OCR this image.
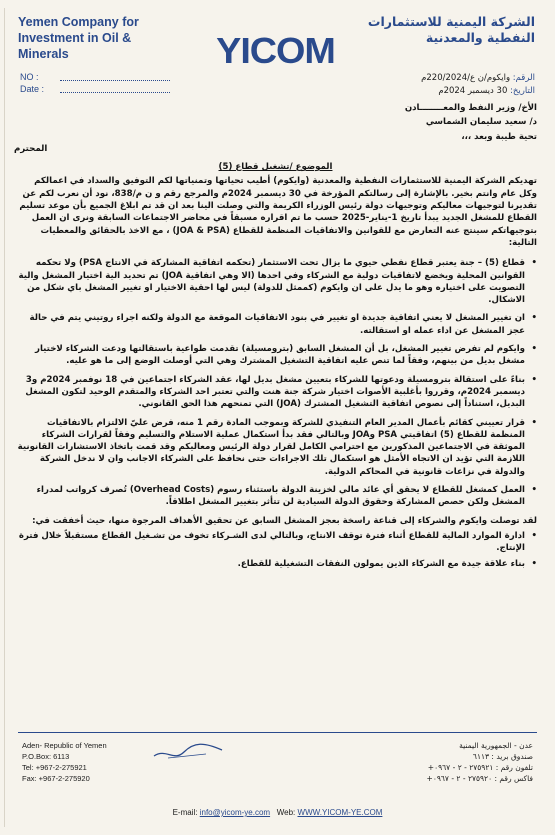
Yemen Company for Investment in Oil & Minerals	YICOM
الشركة اليمنية للاستثمارات النفطية والمعدنية
NO :
Date :
الرقم: وايكوم/ن ع/220/2024م
التاريخ: 30 ديسمبر 2024م

الأخ/ وزير النفط والمعــــــــادن

د/ سعيد سليمان الشماسي

تحية طيبة وبعد ،،،

المحترم

الموضوع /تشغيل قطاع (5)

تهديكم الشركة اليمنية للاستثمارات النفطية والمعدنية (وايكوم) أطيب تحياتها وتمنياتها لكم التوفيق والسداد في اعمالكم وكل عام وانتم بخير. بالإشارة إلى رسالتكم المؤرخة في 30 ديسمبر 2024م والمرجع رقم و ن م/838، نود أن نعرب لكم عن تقديرنا لتوجيهات معاليكم وتوجيهات دولة رئيس الوزراء الكريمة والتي وصلت الينا بعد ان قد تم ابلاغ الجميع بأن موعد تسليم القطاع للمشغل الجديد يبدأ تاريخ 1-يناير-2025 حسب ما تم اقراره مسبقاً في محاضر الاجتماعات السابقة ونرى ان العمل بتوجيهاتكم سينتج عنه التعارض مع للقوانين والاتفاقيات المنظمة للقطاع (JOA & PSA) ، مع الاخذ بالحقائق والمعطيات التالية:

• قطاع (5) – جنة يعتبر قطاع نفطي حيوي ما يزال تحت الاستثمار (تحكمه اتفاقية المشاركة في الانتاج PSA) ولا تحكمه القوانين المحلية ويخضع لاتفاقيات دولية مع الشركاء وفي احدها (الا وهي اتفاقية JOA) تم تحديد الية اختيار المشغل والية التصويت على اختياره وهو ما يدل على ان وايكوم (كممثل للدولة) ليس لها احقية الاختيار او تغيير المشغل باي شكل من الاشكال.
• ان تغيير المشغل لا يعني اتفاقية جديدة او تغيير في بنود الاتفاقيات الموقعة مع الدولة ولكنه اجراء روتيني يتم في حالة عجز المشغل عن اداء عمله او استقالته.
• وايكوم لم تفرض تغيير المشغل، بل أن المشغل السابق (بترومسيلة) تقدمت طواعية باستقالتها ودعت الشركاء لاختيار مشغل بديل من بينهم، وفقاً لما تنص عليه اتفاقية التشغيل المشترك وهي التي أوصلت الوضع إلى ما هو عليه.
• بناءً على استقالة بترومسيلة ودعوتها للشركاء بتعيين مشغل بديل لها، عقد الشركاء اجتماعين في 18 نوفمبر 2024م و3 ديسمبر 2024م، وقرروا بأغلبية الأصوات اختيار شركة جنة هنت والتي تعتبر احد الشركاء والمتقدم الوحيد لتكون المشغل البديل، استناداً إلى نصوص اتفاقية التشغيل المشترك (JOA) التي تمنحهم هذا الحق القانوني.
• قرار تعييني كقائم بأعمال المدير العام التنفيذي للشركة وبموجب المادة رقم 1 منه، فرض عليّ الالتزام بالاتفاقيات المنظمة للقطاع (5) اتفاقيتي PSA وJOA وبالتالي فقد بدأ استكمال عملية الاستلام والتسليم وفقاً لقرارات الشركاء الموثقة في الاجتماعين المذكورين مع احترامي الكامل لقرار دولة الرئيس ومعاليكم وقد قمت باتخاذ الاستشارات القانونية اللازمة التي تؤيد ان الاتجاه الأمثل هو استكمال تلك الاجراءات حتى نحافظ على الشركاء الاجانب وان لا ندخل الشركة والدولة في نزاعات قانونية في المحاكم الدولية.
• العمل كمشغل للقطاع لا يحقق أي عائد مالي لخزينة الدولة باستثناء رسوم (Overhead Costs) تُصرف كرواتب لمدراء المشغل ولكن حصص المشاركة وحقوق الدولة السيادية لن تتأثر بتغيير المشغل اطلاقاً.

لقد توصلت وايكوم والشركاء إلى قناعة راسخة بعجز المشغل السابق عن تحقيق الأهداف المرجوة منها، حيث أخفقت في:

• ادارة الموارد المالية للقطاع أثناء فترة توقف الانتاج، وبالتالي لدى الشـركاء تخوف من تشـغيل القطاع مستقبلاً خلال فترة الإنتاج.
• بناء علاقة جيدة مع الشركاء الذين يمولون النفقات التشغيلية للقطاع.
Aden- Republic of Yemen
P.O.Box: 6113
Tel: +967-2-275921
Fax: +967-2-275920
عدن - الجمهورية اليمنية
صندوق بريد : ٦١١٣
تلفون رقم : ٢٧٥٩٢١ - ٢ - ٠٩٦٧+
فاكس رقم : ٢٧٥٩٢٠ - ٢ - ٠٩٦٧+
E-mail: info@yicom-ye.com Web: WWW.YICOM-YE.COM
